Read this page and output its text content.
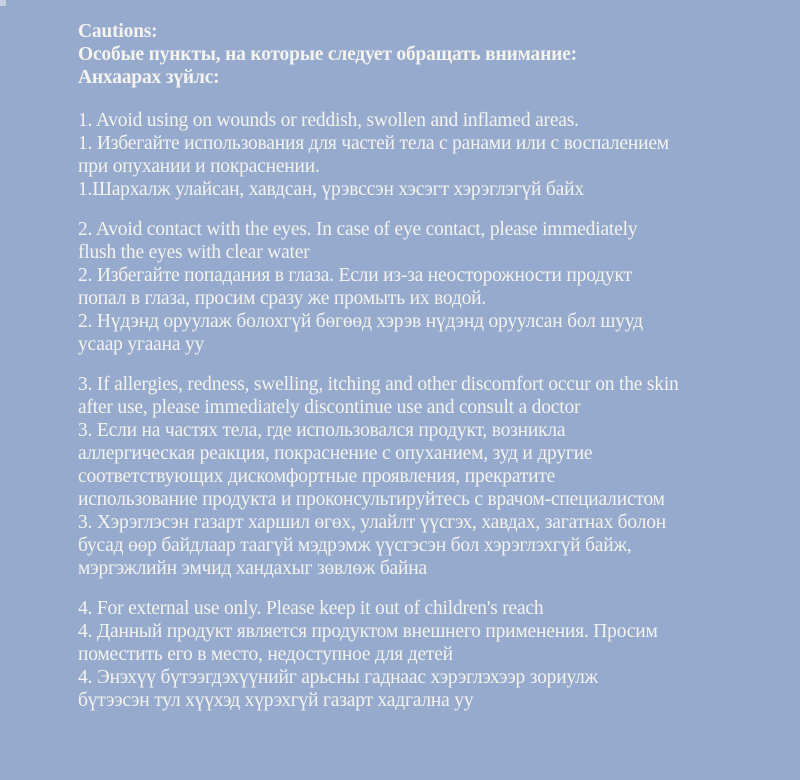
Cautions:
Особые пункты, на которые следует обращать внимание:
Анхаарах зүйлс:
1. Avoid using on wounds or reddish, swollen and inflamed areas.
1. Избегайте использования для частей тела с ранами или с воспалением
при опухании и покраснении.
1.Шархалж улайсан, хавдсан, үрэвссэн хэсэгт хэрэглэгүй байх
2. Avoid contact with the eyes. In case of eye contact, please immediately
flush the eyes with clear water
2. Избегайте попадания в глаза. Если из-за неосторожности продукт
попал в глаза, просим сразу же промыть их водой.
2. Нүдэнд оруулаж болохгүй бөгөөд хэрэв нүдэнд оруулсан бол шууд
усаар угаана уу
3. If allergies, redness, swelling, itching and other discomfort occur on the skin
after use, please immediately discontinue use and consult a doctor
3. Если на частях тела, где использовался продукт, возникла
аллергическая реакция, покраснение с опуханием, зуд и другие
соответствующих дискомфортные проявления, прекратите
использование продукта и проконсультируйтесь с врачом-специалистом
3. Хэрэглэсэн газарт харшил өгөх, улайлт үүсгэх, хавдах, загатнах болон
бусад өөр байдлаар таагүй мэдрэмж үүсгэсэн бол хэрэглэхгүй байж,
мэргэжлийн эмчид хандахыг зөвлөж байна
4. For external use only. Please keep it out of children's reach
4. Данный продукт является продуктом внешнего применения. Просим
поместить его в место, недоступное для детей
4. Энэхүү бүтээгдэхүүнийг арьсны гаднаас хэрэглэхээр зориулж
бүтээсэн тул хүүхэд хүрэхгүй газарт хадгална уу
